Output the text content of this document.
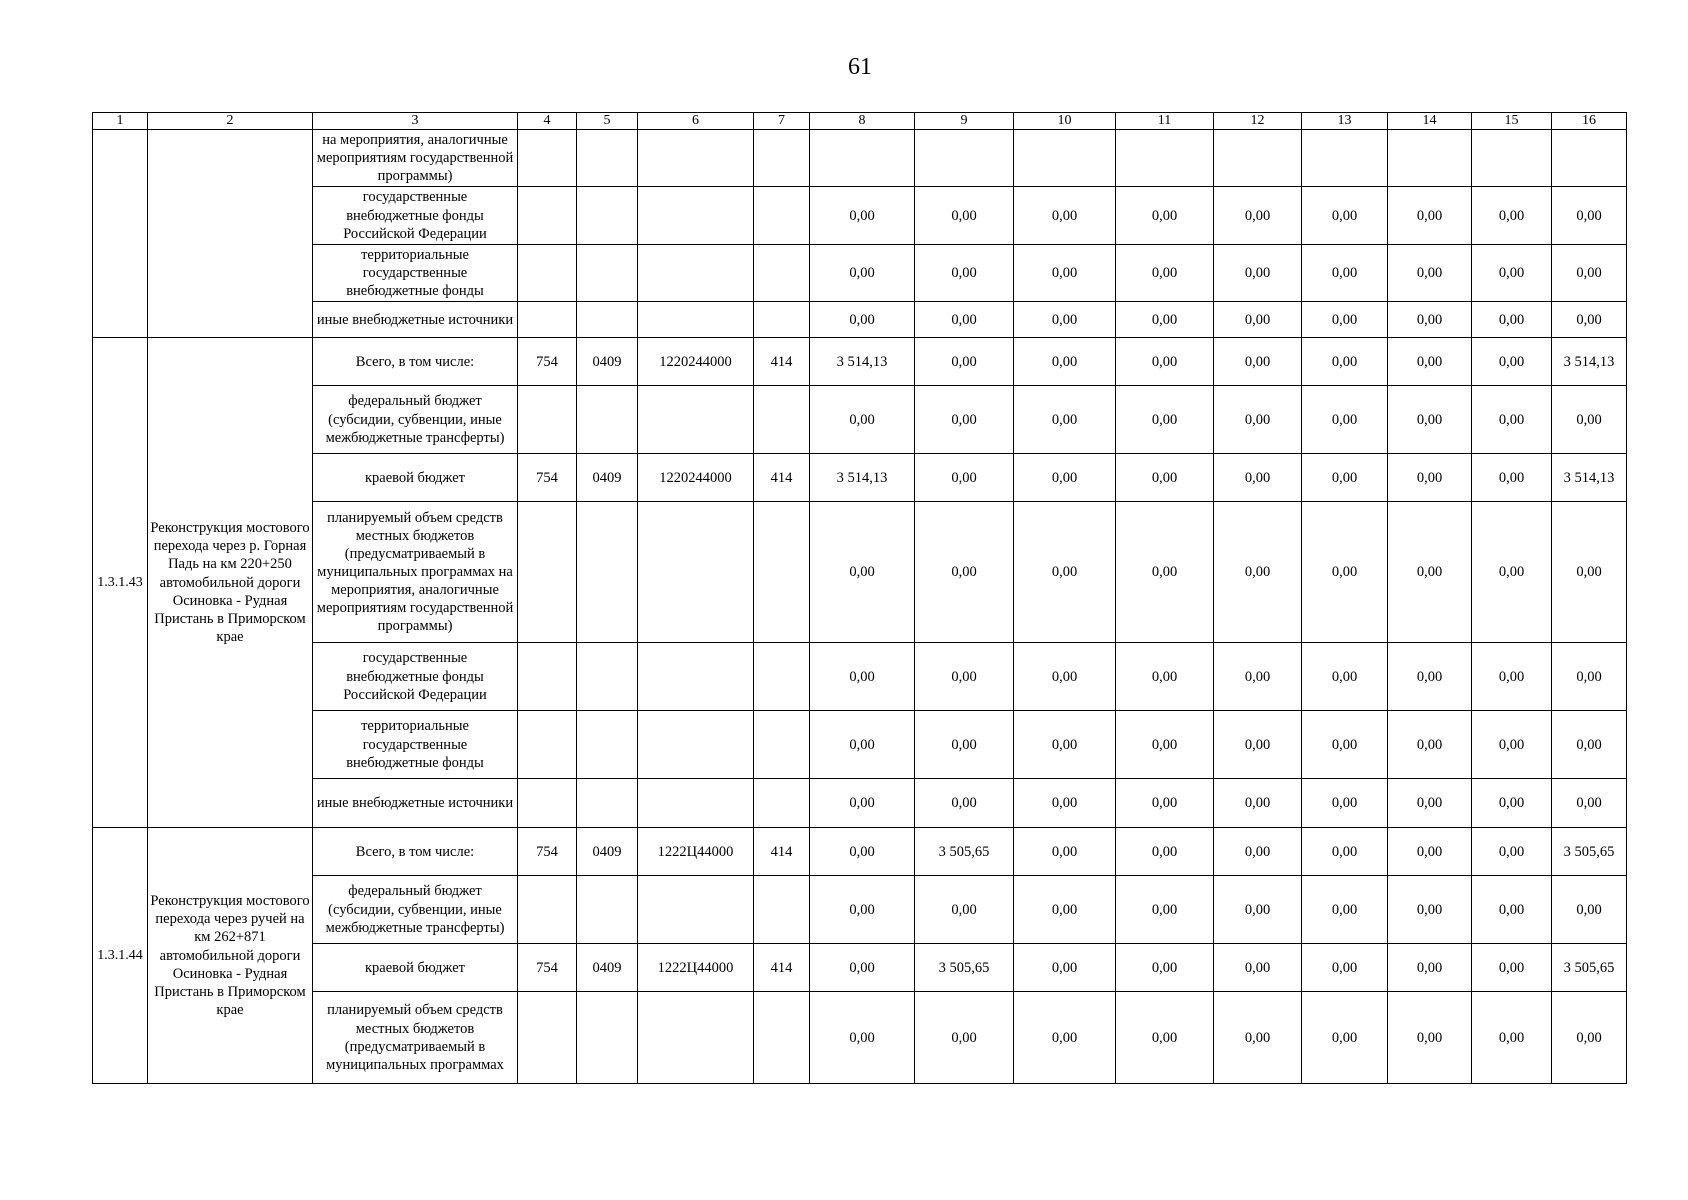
61
1	2	3	4	5	6	7	8	9	10	11	12	13	14	15	16
		на мероприятия, аналогичные мероприятиям государственной программы)													
		государственные внебюджетные фонды Российской Федерации					0,00	0,00	0,00	0,00	0,00	0,00	0,00	0,00	0,00
		территориальные государственные внебюджетные фонды					0,00	0,00	0,00	0,00	0,00	0,00	0,00	0,00	0,00
		иные внебюджетные источники					0,00	0,00	0,00	0,00	0,00	0,00	0,00	0,00	0,00
1.3.1.43	Реконструкция мостового перехода через р. Горная Падь на км 220+250 автомобильной дороги Осиновка - Рудная Пристань в Приморском крае	Всего, в том числе:	754	0409	1220244000	414	3 514,13	0,00	0,00	0,00	0,00	0,00	0,00	0,00	3 514,13
		федеральный бюджет (субсидии, субвенции, иные межбюджетные трансферты)					0,00	0,00	0,00	0,00	0,00	0,00	0,00	0,00	0,00
		краевой бюджет	754	0409	1220244000	414	3 514,13	0,00	0,00	0,00	0,00	0,00	0,00	0,00	3 514,13
		планируемый объем средств местных бюджетов (предусматриваемый в муниципальных программах на мероприятия, аналогичные мероприятиям государственной программы)					0,00	0,00	0,00	0,00	0,00	0,00	0,00	0,00	0,00
		государственные внебюджетные фонды Российской Федерации					0,00	0,00	0,00	0,00	0,00	0,00	0,00	0,00	0,00
		территориальные государственные внебюджетные фонды					0,00	0,00	0,00	0,00	0,00	0,00	0,00	0,00	0,00
		иные внебюджетные источники					0,00	0,00	0,00	0,00	0,00	0,00	0,00	0,00	0,00
1.3.1.44	Реконструкция мостового перехода через ручей на км 262+871 автомобильной дороги Осиновка - Рудная Пристань в Приморском крае	Всего, в том числе:	754	0409	1222Ц44000	414	0,00	3 505,65	0,00	0,00	0,00	0,00	0,00	0,00	3 505,65
		федеральный бюджет (субсидии, субвенции, иные межбюджетные трансферты)					0,00	0,00	0,00	0,00	0,00	0,00	0,00	0,00	0,00
		краевой бюджет	754	0409	1222Ц44000	414	0,00	3 505,65	0,00	0,00	0,00	0,00	0,00	0,00	3 505,65
		планируемый объем средств местных бюджетов (предусматриваемый в муниципальных программах					0,00	0,00	0,00	0,00	0,00	0,00	0,00	0,00	0,00
